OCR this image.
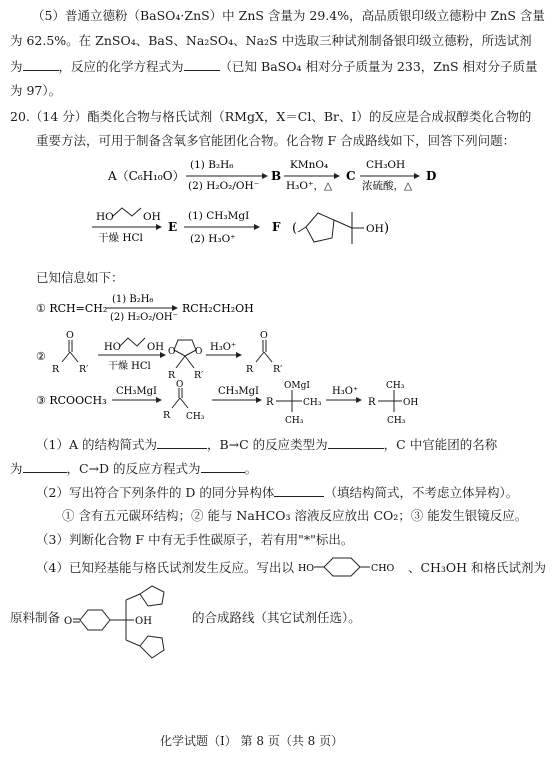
（5）普通立德粉（BaSO₄·ZnS）中 ZnS 含量为 29.4%，高品质银印级立德粉中 ZnS 含量
为 62.5%。在 ZnSO₄、BaS、Na₂SO₄、Na₂S 中选取三种试剂制备银印级立德粉，所选试剂
为	，反应的化学方程式为	（已知 BaSO₄ 相对分子质量为 233，ZnS 相对分子质量
为 97）。
20.（14 分）酯类化合物与格氏试剂（RMgX，X＝Cl、Br、I）的反应是合成叔醇类化合物的
重要方法，可用于制备含氧多官能团化合物。化合物 F 合成路线如下，回答下列问题：
A（C₆H₁₀O）
(1) B₂H₆
(2) H₂O₂/OH⁻
B
KMnO₄
H₃O⁺，△
C
CH₃OH
浓硫酸，△
D
HO	OH
干燥 HCl
E
(1) CH₃MgI
(2) H₃O⁺
F (	OH )
已知信息如下：
① RCH=CH₂
(1) B₂H₆
(2) H₂O₂/OH⁻
RCH₂CH₂OH
②
O
R R′
HO	OH
干燥 HCl
O O
R R′
H₃O⁺
O
R R′
③ RCOOCH₃
CH₃MgI
O
R CH₃
CH₃MgI
R
OMgI
CH₃
CH₃
H₃O⁺
R
CH₃
OH
CH₃
（1）A 的结构简式为	，B→C 的反应类型为	，C 中官能团的名称
为	，C→D 的反应方程式为	。
（2）写出符合下列条件的 D 的同分异构体	（填结构简式，不考虑立体异构）。
① 含有五元碳环结构；② 能与 NaHCO₃ 溶液反应放出 CO₂；③ 能发生银镜反应。
（3）判断化合物 F 中有无手性碳原子，若有用"*"标出。
（4）已知羟基能与格氏试剂发生反应。写出以 HO	CHO 、CH₃OH 和格氏试剂为
原料制备 O	OH	的合成路线（其它试剂任选）。
化学试题（Ⅰ） 第 8 页（共 8 页）
